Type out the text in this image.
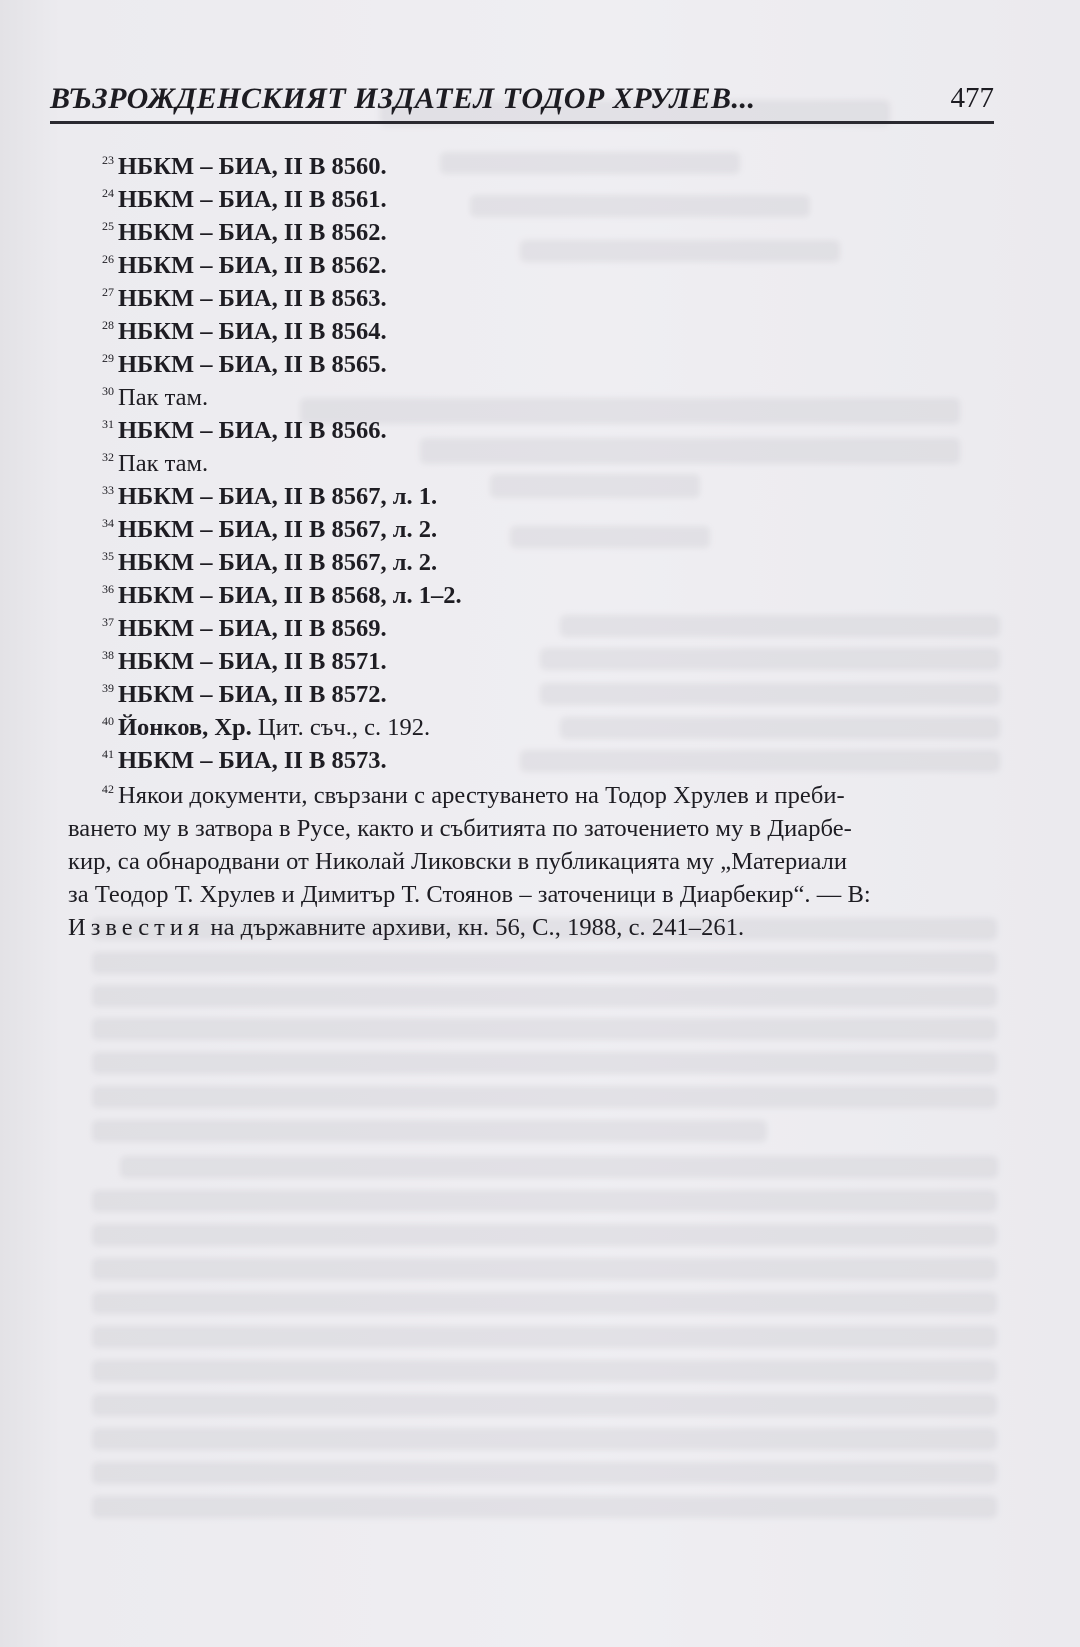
ВЪЗРОЖДЕНСКИЯТ ИЗДАТЕЛ ТОДОР ХРУЛЕВ...	477
23 НБКМ – БИА, II В 8560.
24 НБКМ – БИА, II В 8561.
25 НБКМ – БИА, II В 8562.
26 НБКМ – БИА, II В 8562.
27 НБКМ – БИА, II В 8563.
28 НБКМ – БИА, II В 8564.
29 НБКМ – БИА, II В 8565.
30 Пак там.
31 НБКМ – БИА, II В 8566.
32 Пак там.
33 НБКМ – БИА, II В 8567, л. 1.
34 НБКМ – БИА, II В 8567, л. 2.
35 НБКМ – БИА, II В 8567, л. 2.
36 НБКМ – БИА, II В 8568, л. 1–2.
37 НБКМ – БИА, II В 8569.
38 НБКМ – БИА, II В 8571.
39 НБКМ – БИА, II В 8572.
40 Йонков, Хр. Цит. съч., с. 192.
41 НБКМ – БИА, II В 8573.
42 Някои документи, свързани с арестуването на Тодор Хрулев и преби-
ването му в затвора в Русе, както и събитията по заточението му в Диарбе-
кир, са обнародвани от Николай Ликовски в публикацията му „Материали
за Теодор Т. Хрулев и Димитър Т. Стоянов – заточеници в Диарбекир“. — В:
Известия на държавните архиви, кн. 56, С., 1988, с. 241–261.
